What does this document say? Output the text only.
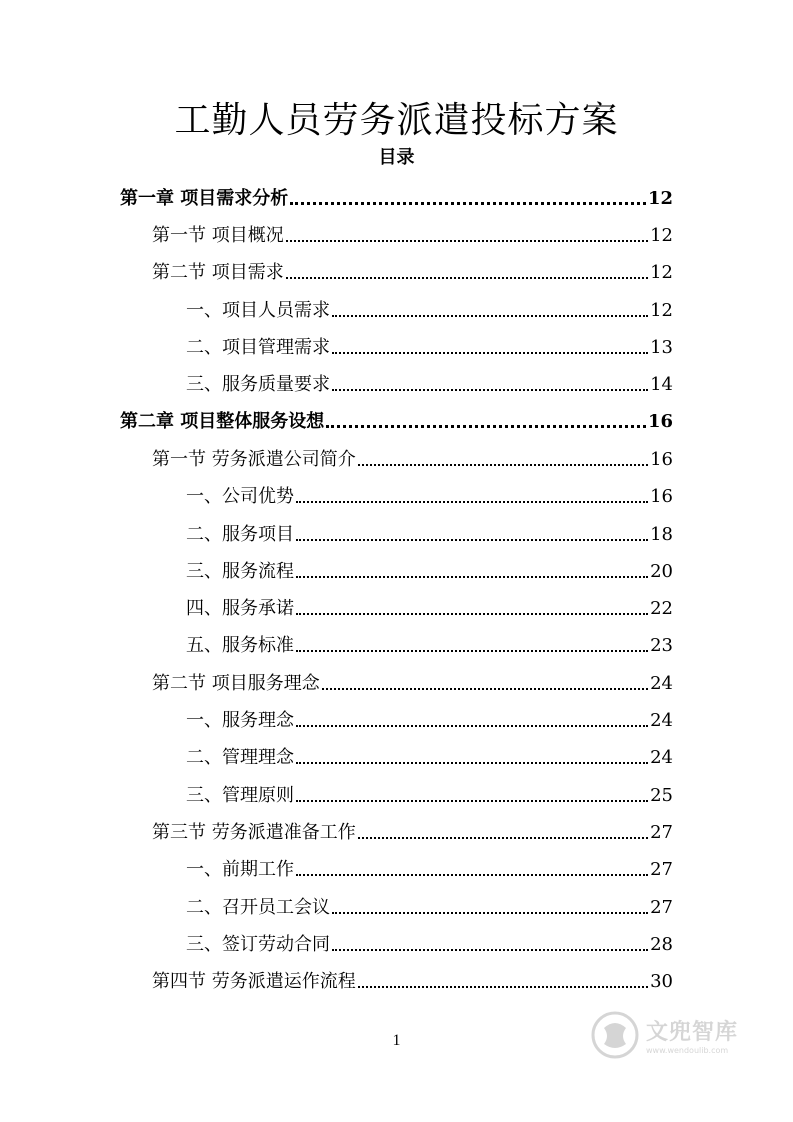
工勤人员劳务派遣投标方案
目录
第一章 项目需求分析	12
第一节 项目概况	12
第二节 项目需求	12
一、项目人员需求	12
二、项目管理需求	13
三、服务质量要求	14
第二章 项目整体服务设想	16
第一节 劳务派遣公司简介	16
一、公司优势	16
二、服务项目	18
三、服务流程	20
四、服务承诺	22
五、服务标准	23
第二节 项目服务理念	24
一、服务理念	24
二、管理理念	24
三、管理原则	25
第三节 劳务派遣准备工作	27
一、前期工作	27
二、召开员工会议	27
三、签订劳动合同	28
第四节 劳务派遣运作流程	30
1	文兜智库
www.wendoulib.com
